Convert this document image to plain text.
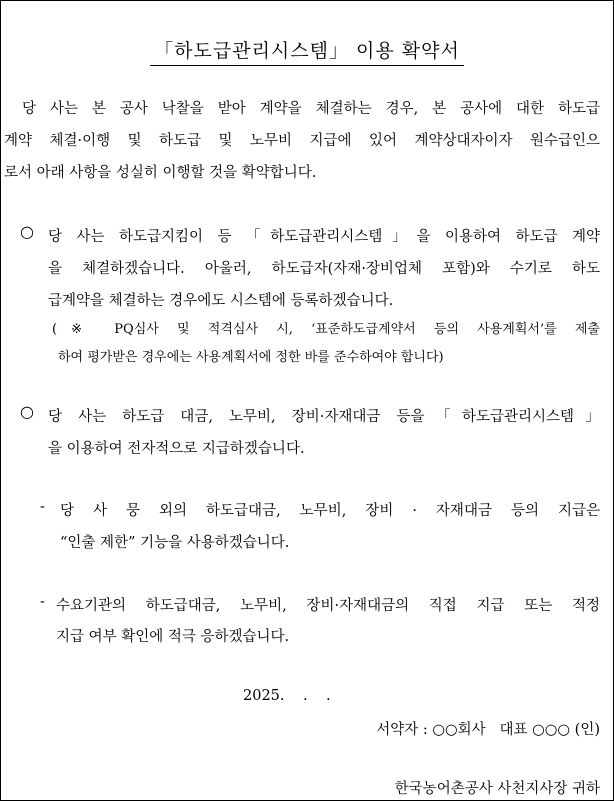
「하도급관리시스템」 이용 확약서
당 사는 본 공사 낙찰을 받아 계약을 체결하는 경우, 본 공사에 대한 하도급
계약 체결·이행 및 하도급 및 노무비 지급에 있어 계약상대자이자 원수급인으
로서 아래 사항을 성실히 이행할 것을 확약합니다.
○ 당 사는 하도급지킴이 등 「하도급관리시스템」을 이용하여 하도급 계약
을 체결하겠습니다. 아울러, 하도급자(자재·장비업체 포함)와 수기로 하도
급계약을 체결하는 경우에도 시스템에 등록하겠습니다.
(※ PQ심사 및 적격심사 시, ‘표준하도급계약서 등의 사용계획서’를 제출
하여 평가받은 경우에는 사용계획서에 정한 바를 준수하여야 합니다)
○ 당 사는 하도급 대금, 노무비, 장비·자재대금 등을「하도급관리시스템」
을 이용하여 전자적으로 지급하겠습니다.
- 당 사 뭉 외의 하도급대금, 노무비, 장비 · 자재대금 등의 지급은
“인출 제한” 기능을 사용하겠습니다.
- 수요기관의 하도급대금, 노무비, 장비·자재대금의 직접 지급 또는 적정
지급 여부 확인에 적극 응하겠습니다.
2025.    .    .
서약자 : ○○회사   대표 ○○○ (인)
한국농어촌공사 사천지사장 귀하
